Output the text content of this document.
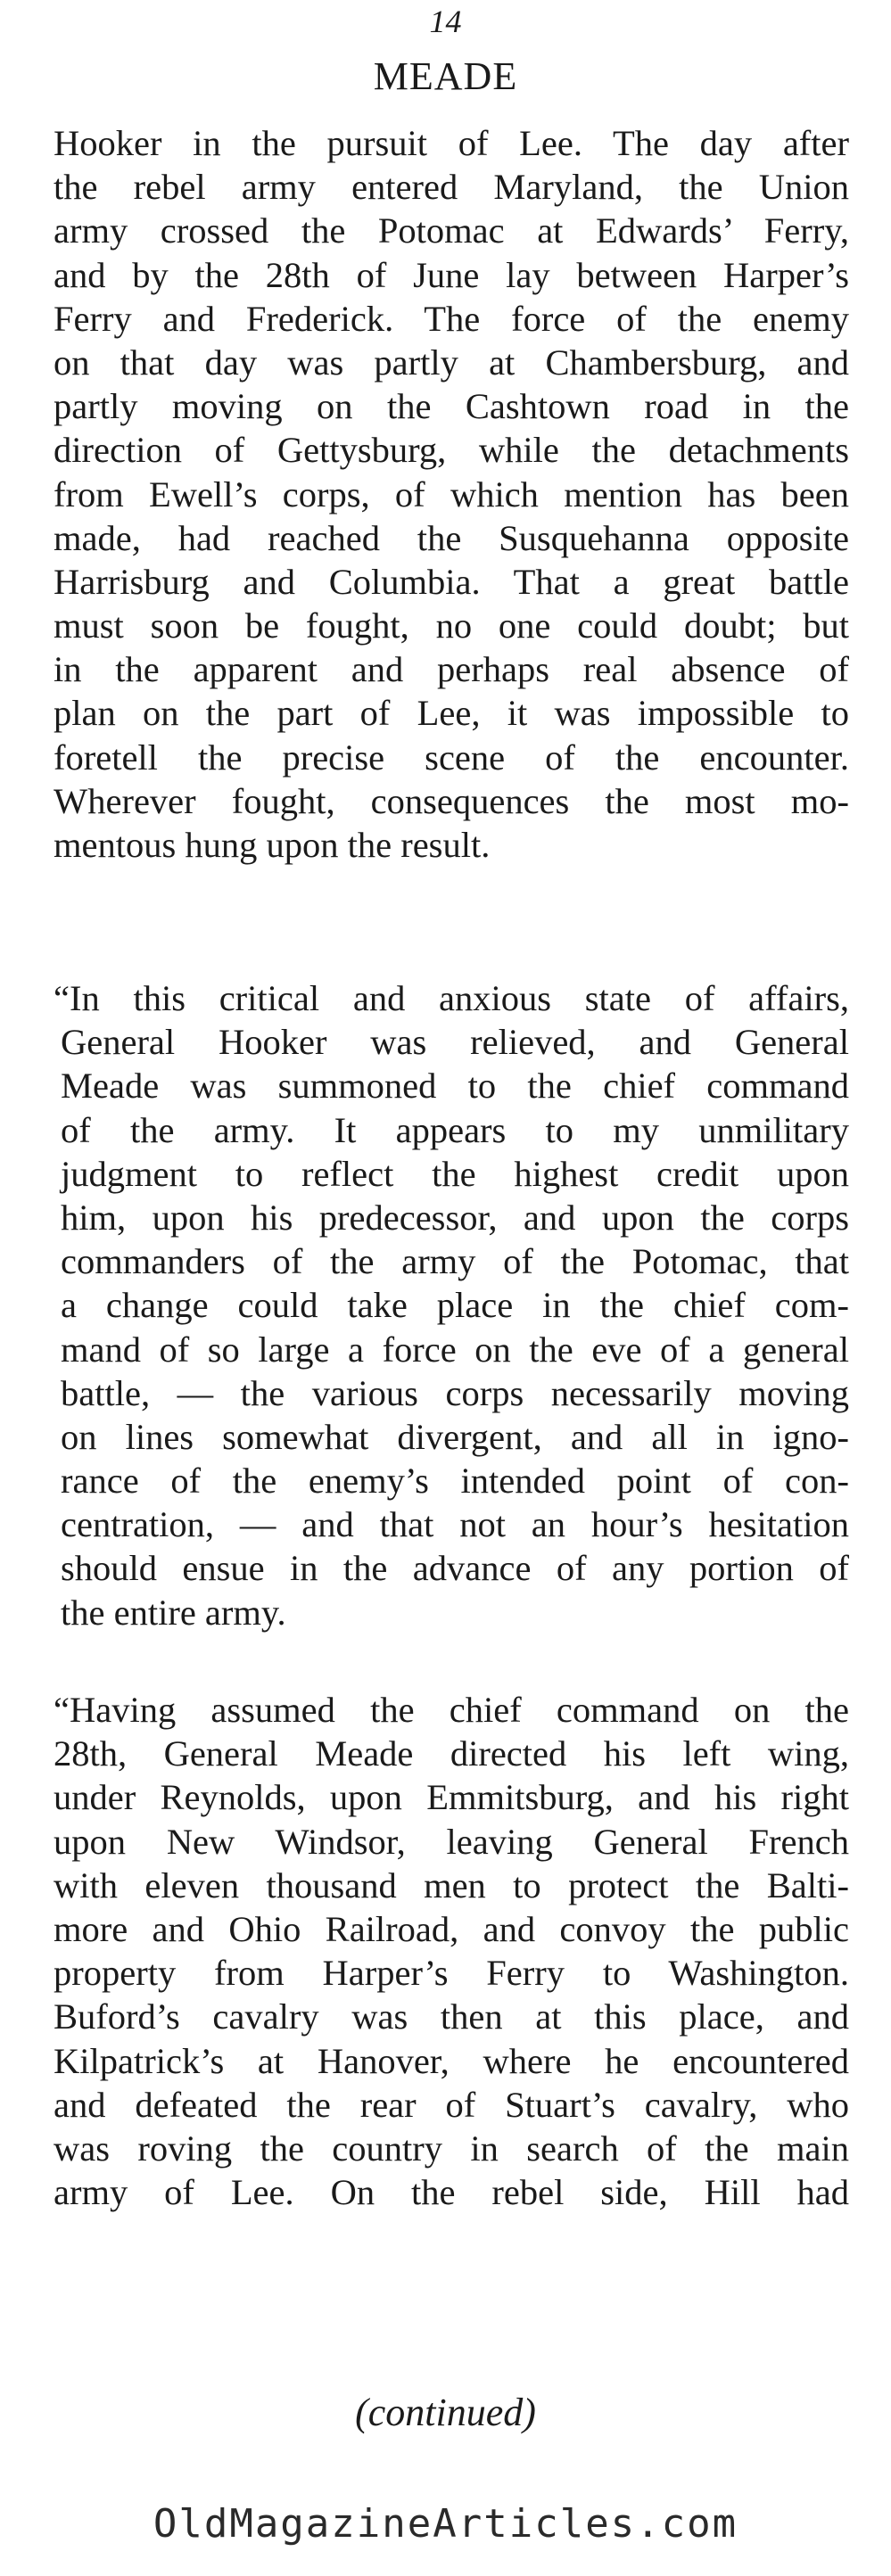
14
MEADE
Hooker in the pursuit of Lee. The day after
the rebel army entered Maryland, the Union
army crossed the Potomac at Edwards’ Ferry,
and by the 28th of June lay between Harper’s
Ferry and Frederick. The force of the enemy
on that day was partly at Chambersburg, and
partly moving on the Cashtown road in the
direction of Gettysburg, while the detachments
from Ewell’s corps, of which mention has been
made, had reached the Susquehanna opposite
Harrisburg and Columbia. That a great battle
must soon be fought, no one could doubt; but
in the apparent and perhaps real absence of
plan on the part of Lee, it was impossible to
foretell the precise scene of the encounter.
Wherever fought, consequences the most mo-
mentous hung upon the result.
“In this critical and anxious state of affairs,
General Hooker was relieved, and General
Meade was summoned to the chief command
of the army. It appears to my unmilitary
judgment to reflect the highest credit upon
him, upon his predecessor, and upon the corps
commanders of the army of the Potomac, that
a change could take place in the chief com-
mand of so large a force on the eve of a general
battle, — the various corps necessarily moving
on lines somewhat divergent, and all in igno-
rance of the enemy’s intended point of con-
centration, — and that not an hour’s hesitation
should ensue in the advance of any portion of
the entire army.
“Having assumed the chief command on the
28th, General Meade directed his left wing,
under Reynolds, upon Emmitsburg, and his right
upon New Windsor, leaving General French
with eleven thousand men to protect the Balti-
more and Ohio Railroad, and convoy the public
property from Harper’s Ferry to Washington.
Buford’s cavalry was then at this place, and
Kilpatrick’s at Hanover, where he encountered
and defeated the rear of Stuart’s cavalry, who
was roving the country in search of the main
army of Lee. On the rebel side, Hill had
(continued)
OldMagazineArticles.com
